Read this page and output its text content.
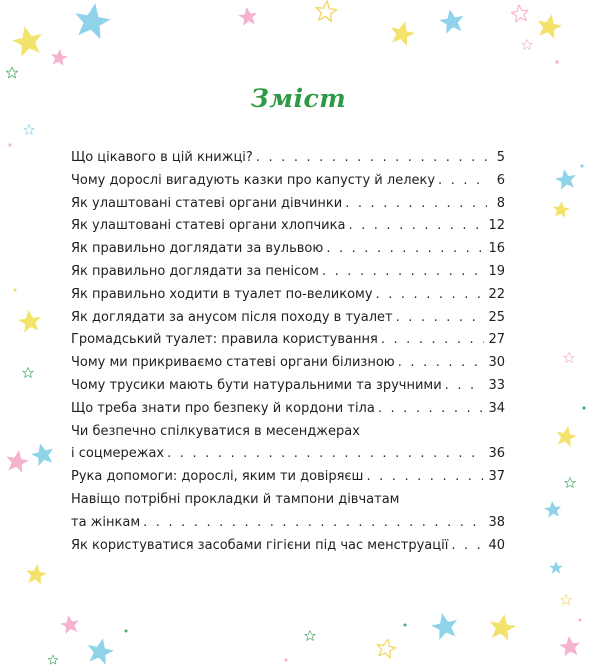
Зміст
Що цікавого в цій книжці? . . .	5
Чому дорослі вигадують казки про капусту й лелеку . . .	6
Як улаштовані статеві органи дівчинки . . .	8
Як улаштовані статеві органи хлопчика . . .	12
Як правильно доглядати за вульвою . . .	16
Як правильно доглядати за пенісом . . .	19
Як правильно ходити в туалет по-великому . . .	22
Як доглядати за анусом після походу в туалет . . .	25
Громадський туалет: правила користування . . .	27
Чому ми прикриваємо статеві органи білизною . . .	30
Чому трусики мають бути натуральними та зручними . . .	33
Що треба знати про безпеку й кордони тіла . . .	34
Чи безпечно спілкуватися в месенджерах
і соцмережах . . .	36
Рука допомоги: дорослі, яким ти довіряєш . . .	37
Навіщо потрібні прокладки й тампони дівчатам
та жінкам . . .	38
Як користуватися засобами гігієни під час менструації . . .	40
